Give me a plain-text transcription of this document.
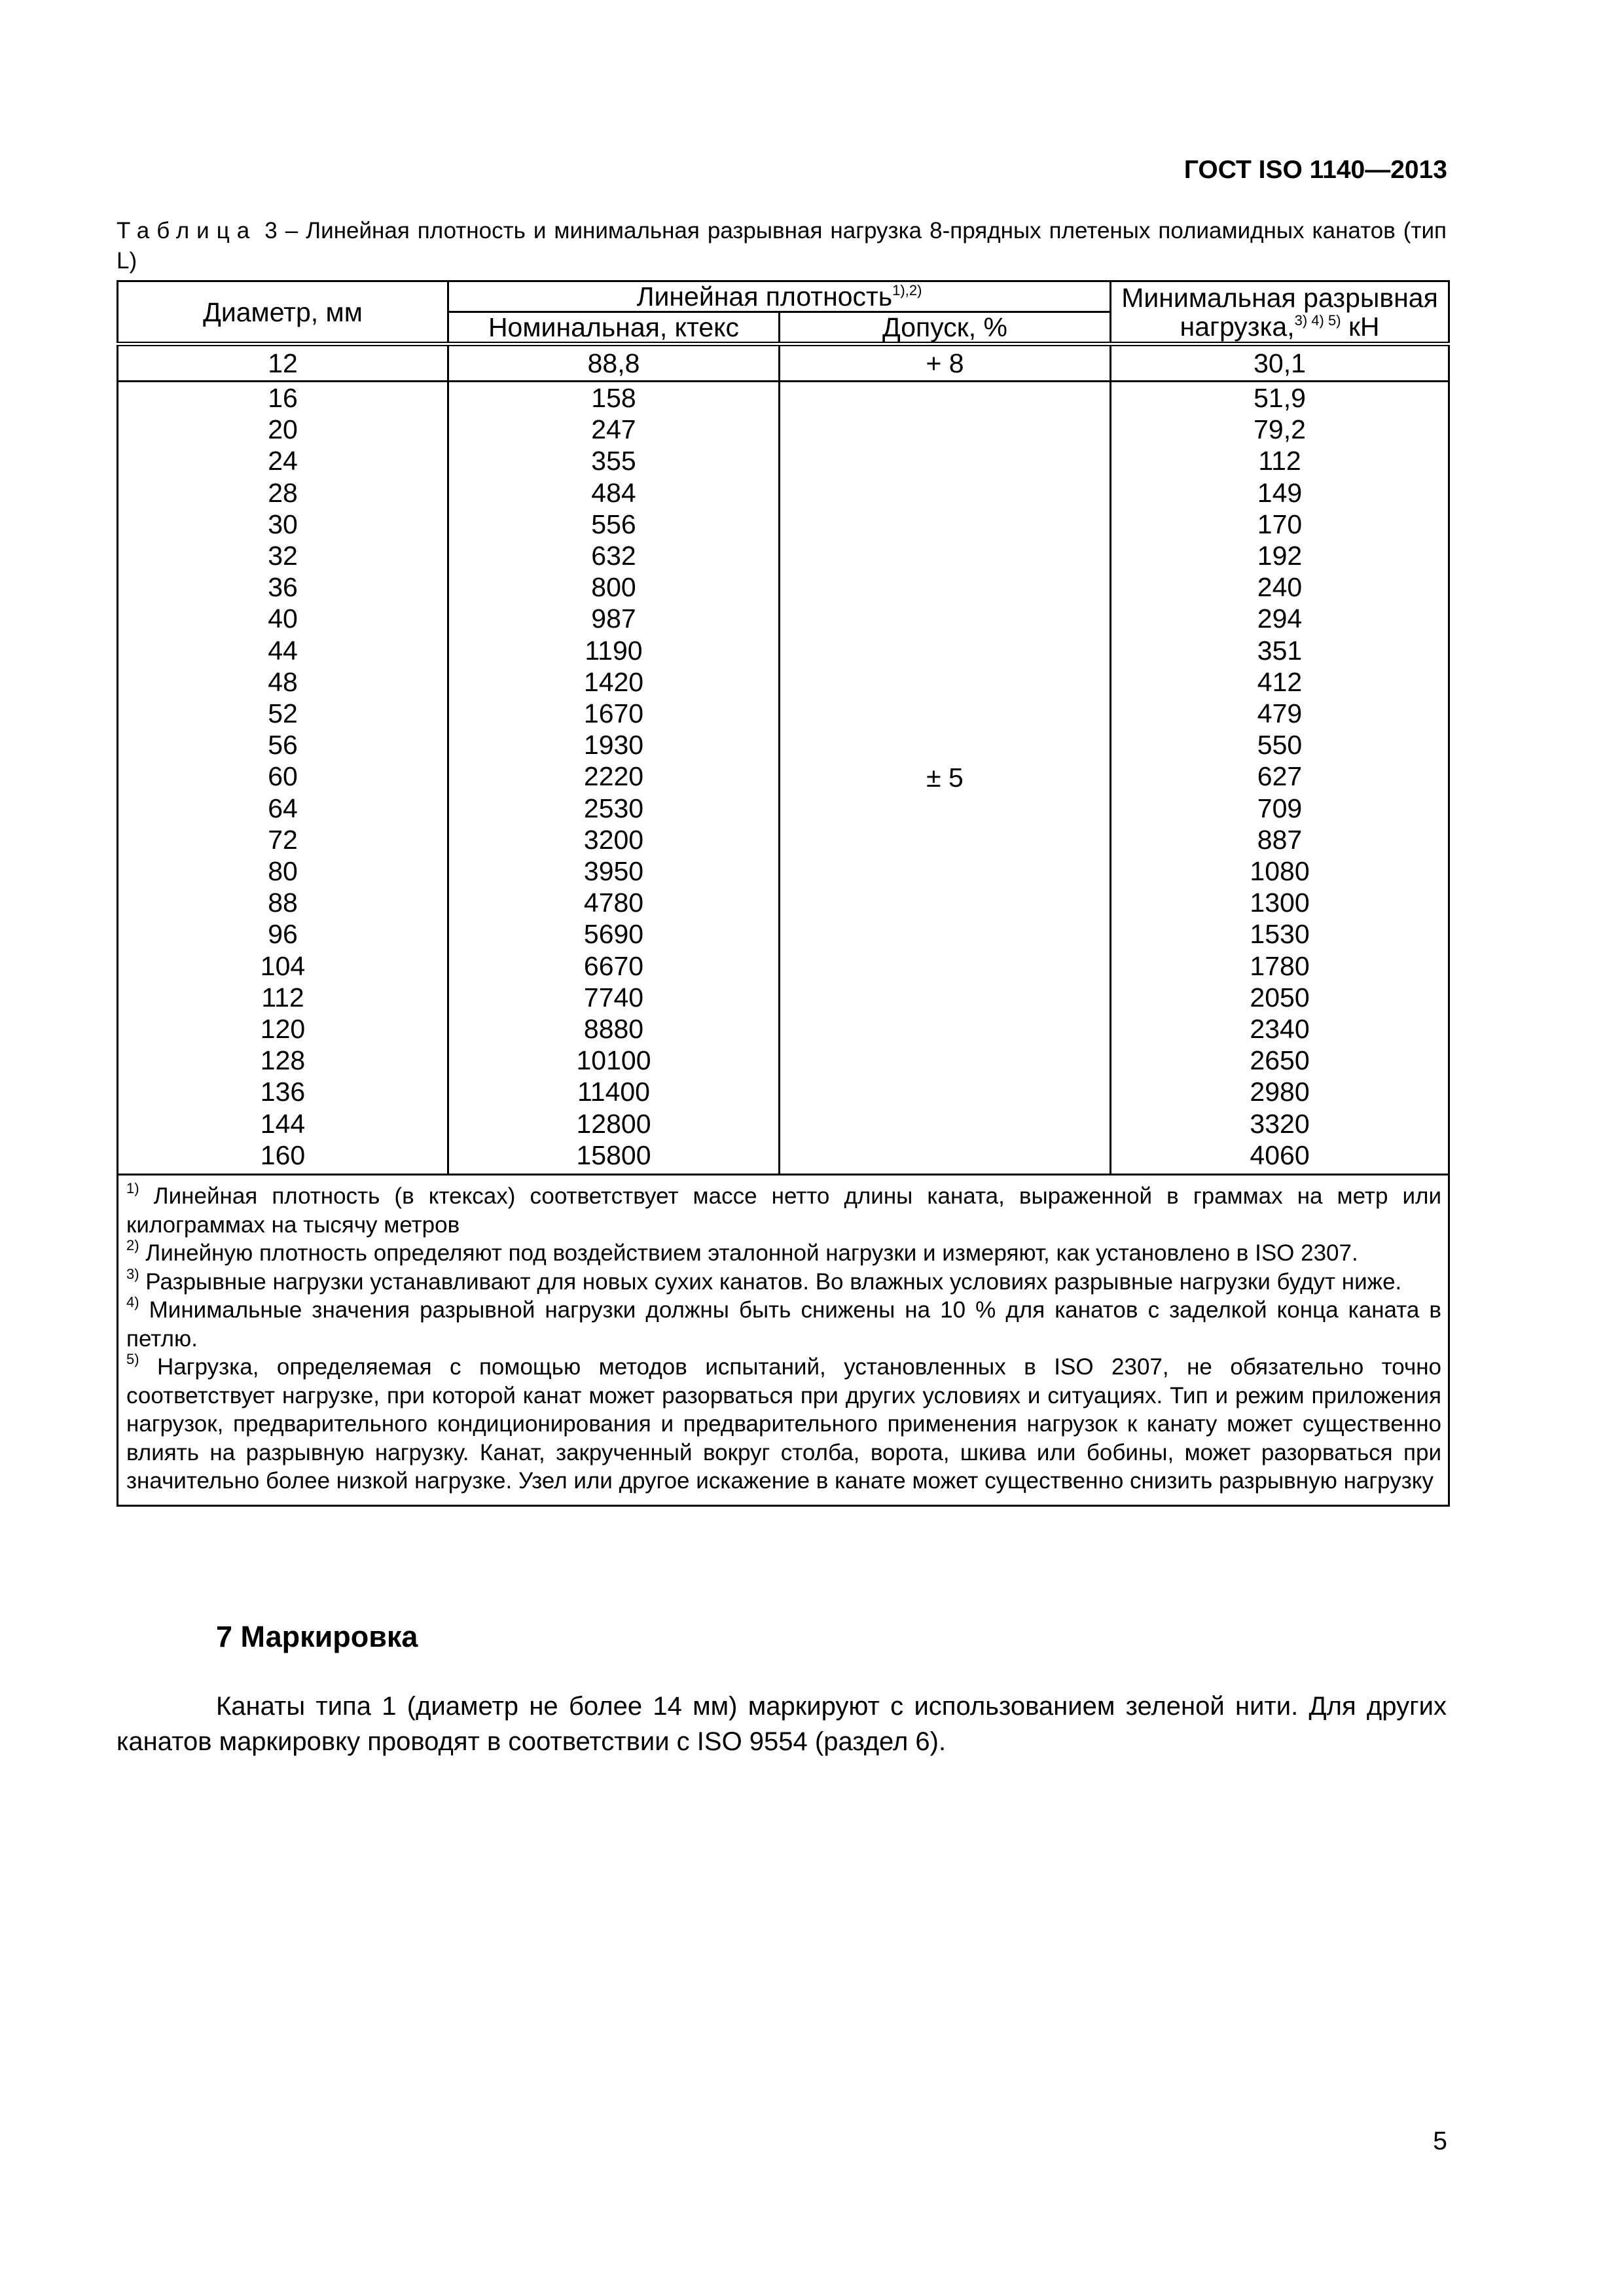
ГОСТ ISO 1140—2013
Таблица 3 – Линейная плотность и минимальная разрывная нагрузка 8-прядных плетеных полиамидных канатов (тип L)
Диаметр, мм	Линейная плотность$^{1),2)}$		Минимальная разрывная
нагрузка,$^{3) 4) 5)}$ кН
	Номинальная, ктекс	Допуск, %	
12	88,8	+ 8	30,1
16	158	± 5	51,9
20	247		79,2
24	355		112
28	484		149
30	556		170
32	632		192
36	800		240
40	987		294
44	1190		351
48	1420		412
52	1670		479
56	1930		550
60	2220		627
64	2530		709
72	3200		887
80	3950		1080
88	4780		1300
96	5690		1530
104	6670		1780
112	7740		2050
120	8880		2340
128	10100		2650
136	11400		2980
144	12800		3320
160	15800		4060

$^{1)}$ Линейная плотность (в ктексах) соответствует массе нетто длины каната, выраженной в граммах на метр или килограммах на тысячу метров

$^{2)}$ Линейную плотность определяют под воздействием эталонной нагрузки и измеряют, как установлено в ISO 2307.

$^{3)}$ Разрывные нагрузки устанавливают для новых сухих канатов. Во влажных условиях разрывные нагрузки будут ниже.

$^{4)}$ Минимальные значения разрывной нагрузки должны быть снижены на 10 % для канатов с заделкой конца каната в петлю.

$^{5)}$ Нагрузка, определяемая с помощью методов испытаний, установленных в ISO 2307, не обязательно точно соответствует нагрузке, при которой канат может разорваться при других условиях и ситуациях. Тип и режим приложения нагрузок, предварительного кондиционирования и предварительного применения нагрузок к канату может существенно влиять на разрывную нагрузку. Канат, закрученный вокруг столба, ворота, шкива или бобины, может разорваться при значительно более низкой нагрузке. Узел или другое искажение в канате может существенно снизить разрывную нагрузку			

7 Маркировка
Канаты типа 1 (диаметр не более 14 мм) маркируют с использованием зеленой нити. Для других канатов маркировку проводят в соответствии с ISO 9554 (раздел 6).
5
